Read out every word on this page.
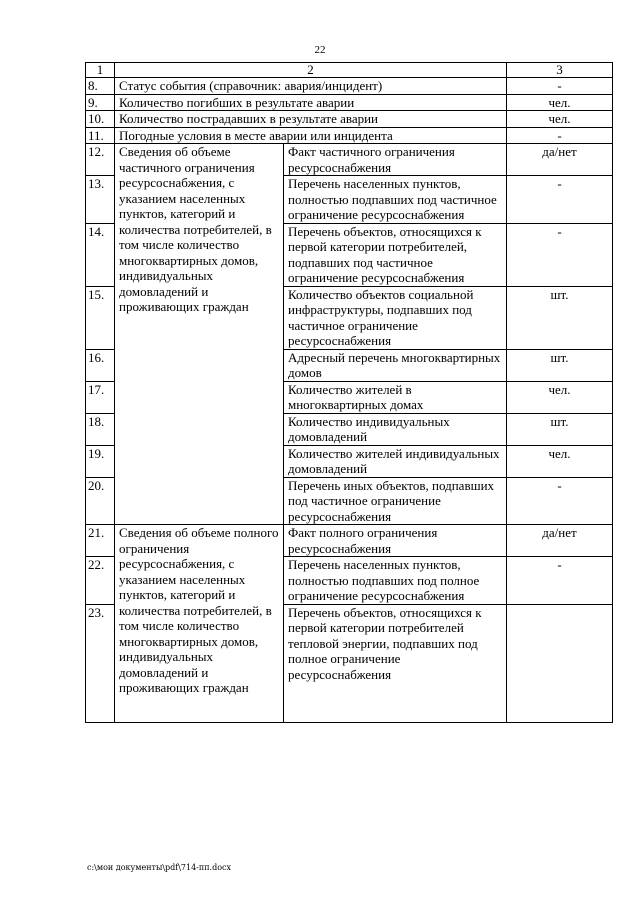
22
1	2		3
8.	Статус события (справочник: авария/инцидент)		-
9.	Количество погибших в результате аварии		чел.
10.	Количество пострадавших в результате аварии		чел.
11.	Погодные условия в месте аварии или инцидента		-
12.	Сведения об объеме частичного ограничения ресурсоснабжения, с указанием населенных пунктов, категорий и количества потребителей, в том числе количество многоквартирных домов, индивидуальных домовладений и проживающих граждан	Факт частичного ограничения ресурсоснабжения	да/нет
13.		Перечень населенных пунктов, полностью подпавших под частичное ограничение ресурсоснабжения	-
14.		Перечень объектов, относящихся к первой категории потребителей, подпавших под частичное ограничение ресурсоснабжения	-
15.		Количество объектов социальной инфраструктуры, подпавших под частичное ограничение ресурсоснабжения	шт.
16.		Адресный перечень многоквартирных домов	шт.
17.		Количество жителей в многоквартирных домах	чел.
18.		Количество индивидуальных домовладений	шт.
19.		Количество жителей индивидуальных домовладений	чел.
20.		Перечень иных объектов, подпавших под частичное ограничение ресурсоснабжения	-
21.	Сведения об объеме полного ограничения ресурсоснабжения, с указанием населенных пунктов, категорий и количества потребителей, в том числе количество многоквартирных домов, индивидуальных домовладений и проживающих граждан	Факт полного ограничения ресурсоснабжения	да/нет
22.		Перечень населенных пунктов, полностью подпавших под полное ограничение ресурсоснабжения	-
23.		Перечень объектов, относящихся к первой категории потребителей тепловой энергии, подпавших под полное ограничение ресурсоснабжения	
c:\мои документы\pdf\714-пп.docx
